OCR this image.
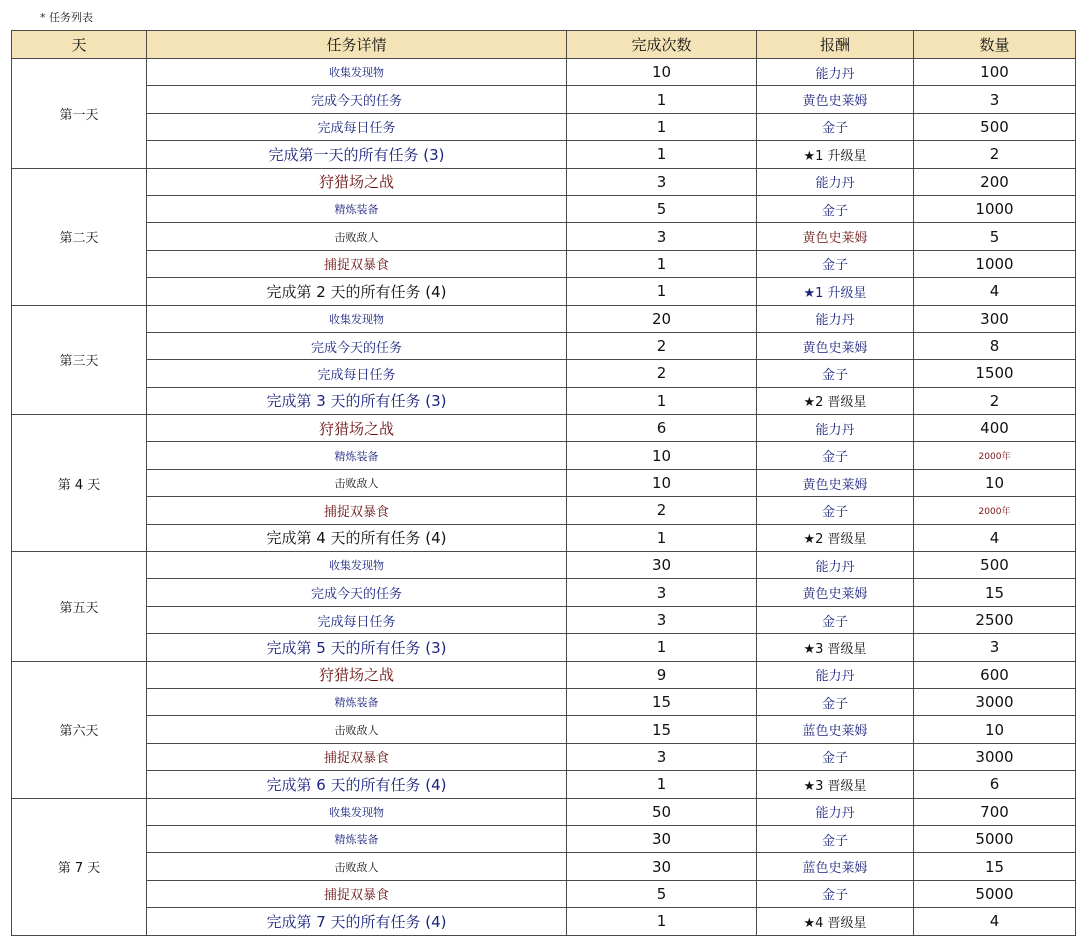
* 任务列表
天	任务详情	完成次数	报酬	数量
第一天	收集发现物	10	能力丹	100
	完成今天的任务	1	黄色史莱姆	3
	完成每日任务	1	金子	500
	完成第一天的所有任务 (3)	1	★1 升级星	2
第二天	狩猎场之战	3	能力丹	200
	精炼装备	5	金子	1000
	击败敌人	3	黄色史莱姆	5
	捕捉双暴食	1	金子	1000
	完成第 2 天的所有任务 (4)	1	★1 升级星	4
第三天	收集发现物	20	能力丹	300
	完成今天的任务	2	黄色史莱姆	8
	完成每日任务	2	金子	1500
	完成第 3 天的所有任务 (3)	1	★2 晋级星	2
第 4 天	狩猎场之战	6	能力丹	400
	精炼装备	10	金子	2000年
	击败敌人	10	黄色史莱姆	10
	捕捉双暴食	2	金子	2000年
	完成第 4 天的所有任务 (4)	1	★2 晋级星	4
第五天	收集发现物	30	能力丹	500
	完成今天的任务	3	黄色史莱姆	15
	完成每日任务	3	金子	2500
	完成第 5 天的所有任务 (3)	1	★3 晋级星	3
第六天	狩猎场之战	9	能力丹	600
	精炼装备	15	金子	3000
	击败敌人	15	蓝色史莱姆	10
	捕捉双暴食	3	金子	3000
	完成第 6 天的所有任务 (4)	1	★3 晋级星	6
第 7 天	收集发现物	50	能力丹	700
	精炼装备	30	金子	5000
	击败敌人	30	蓝色史莱姆	15
	捕捉双暴食	5	金子	5000
	完成第 7 天的所有任务 (4)	1	★4 晋级星	4
